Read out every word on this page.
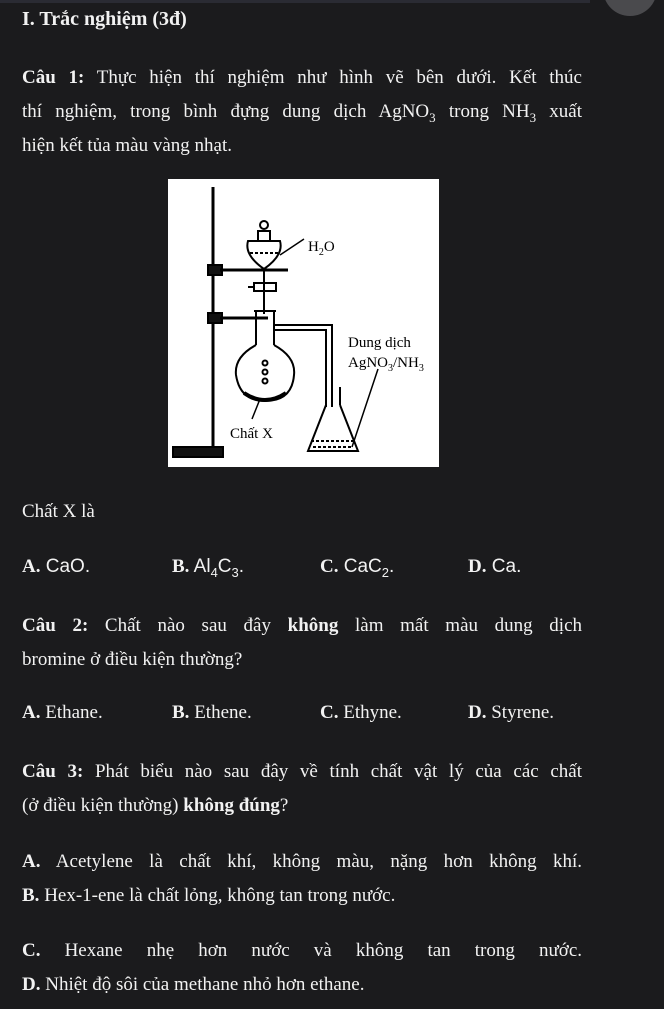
I. Trắc nghiệm (3đ)
Câu 1: Thực hiện thí nghiệm như hình vẽ bên dưới. Kết thúc
thí nghiệm, trong bình đựng dung dịch AgNO$_3$ trong $NH_3$ xuất
hiện kết tủa màu vàng nhạt.
$H_2O$
Dung dịch
$AgNO_3/NH_3$
Chất X
Chất X là
A. CaO.	B. $Al_4C_3$.	C. CaC$_2$.	D. Ca.
Câu 2: Chất nào sau đây không làm mất màu dung dịch
bromine ở điều kiện thường?
A. Ethane.	B. Ethene.	C. Ethyne.	D. Styrene.
Câu 3: Phát biểu nào sau đây về tính chất vật lý của các chất
(ở điều kiện thường) không đúng?
A. Acetylene là chất khí, không màu, nặng hơn không khí.
B. Hex-1-ene là chất lỏng, không tan trong nước.
C. Hexane nhẹ hơn nước và không tan trong nước.
D. Nhiệt độ sôi của methane nhỏ hơn ethane.
